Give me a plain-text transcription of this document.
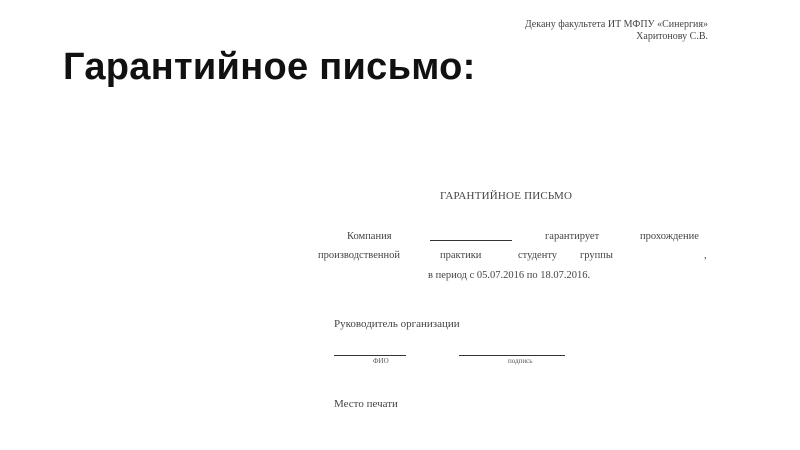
Гарантийное письмо:
Декану факультета ИТ МФПУ «Синергия»
Харитонову С.В.
ГАРАНТИЙНОЕ ПИСЬМО
Компания	гарантирует	прохождение
производственной	практики	студенту группы	,
в период с 05.07.2016 по 18.07.2016.
Руководитель организации
ФИО	подпись
Место печати
